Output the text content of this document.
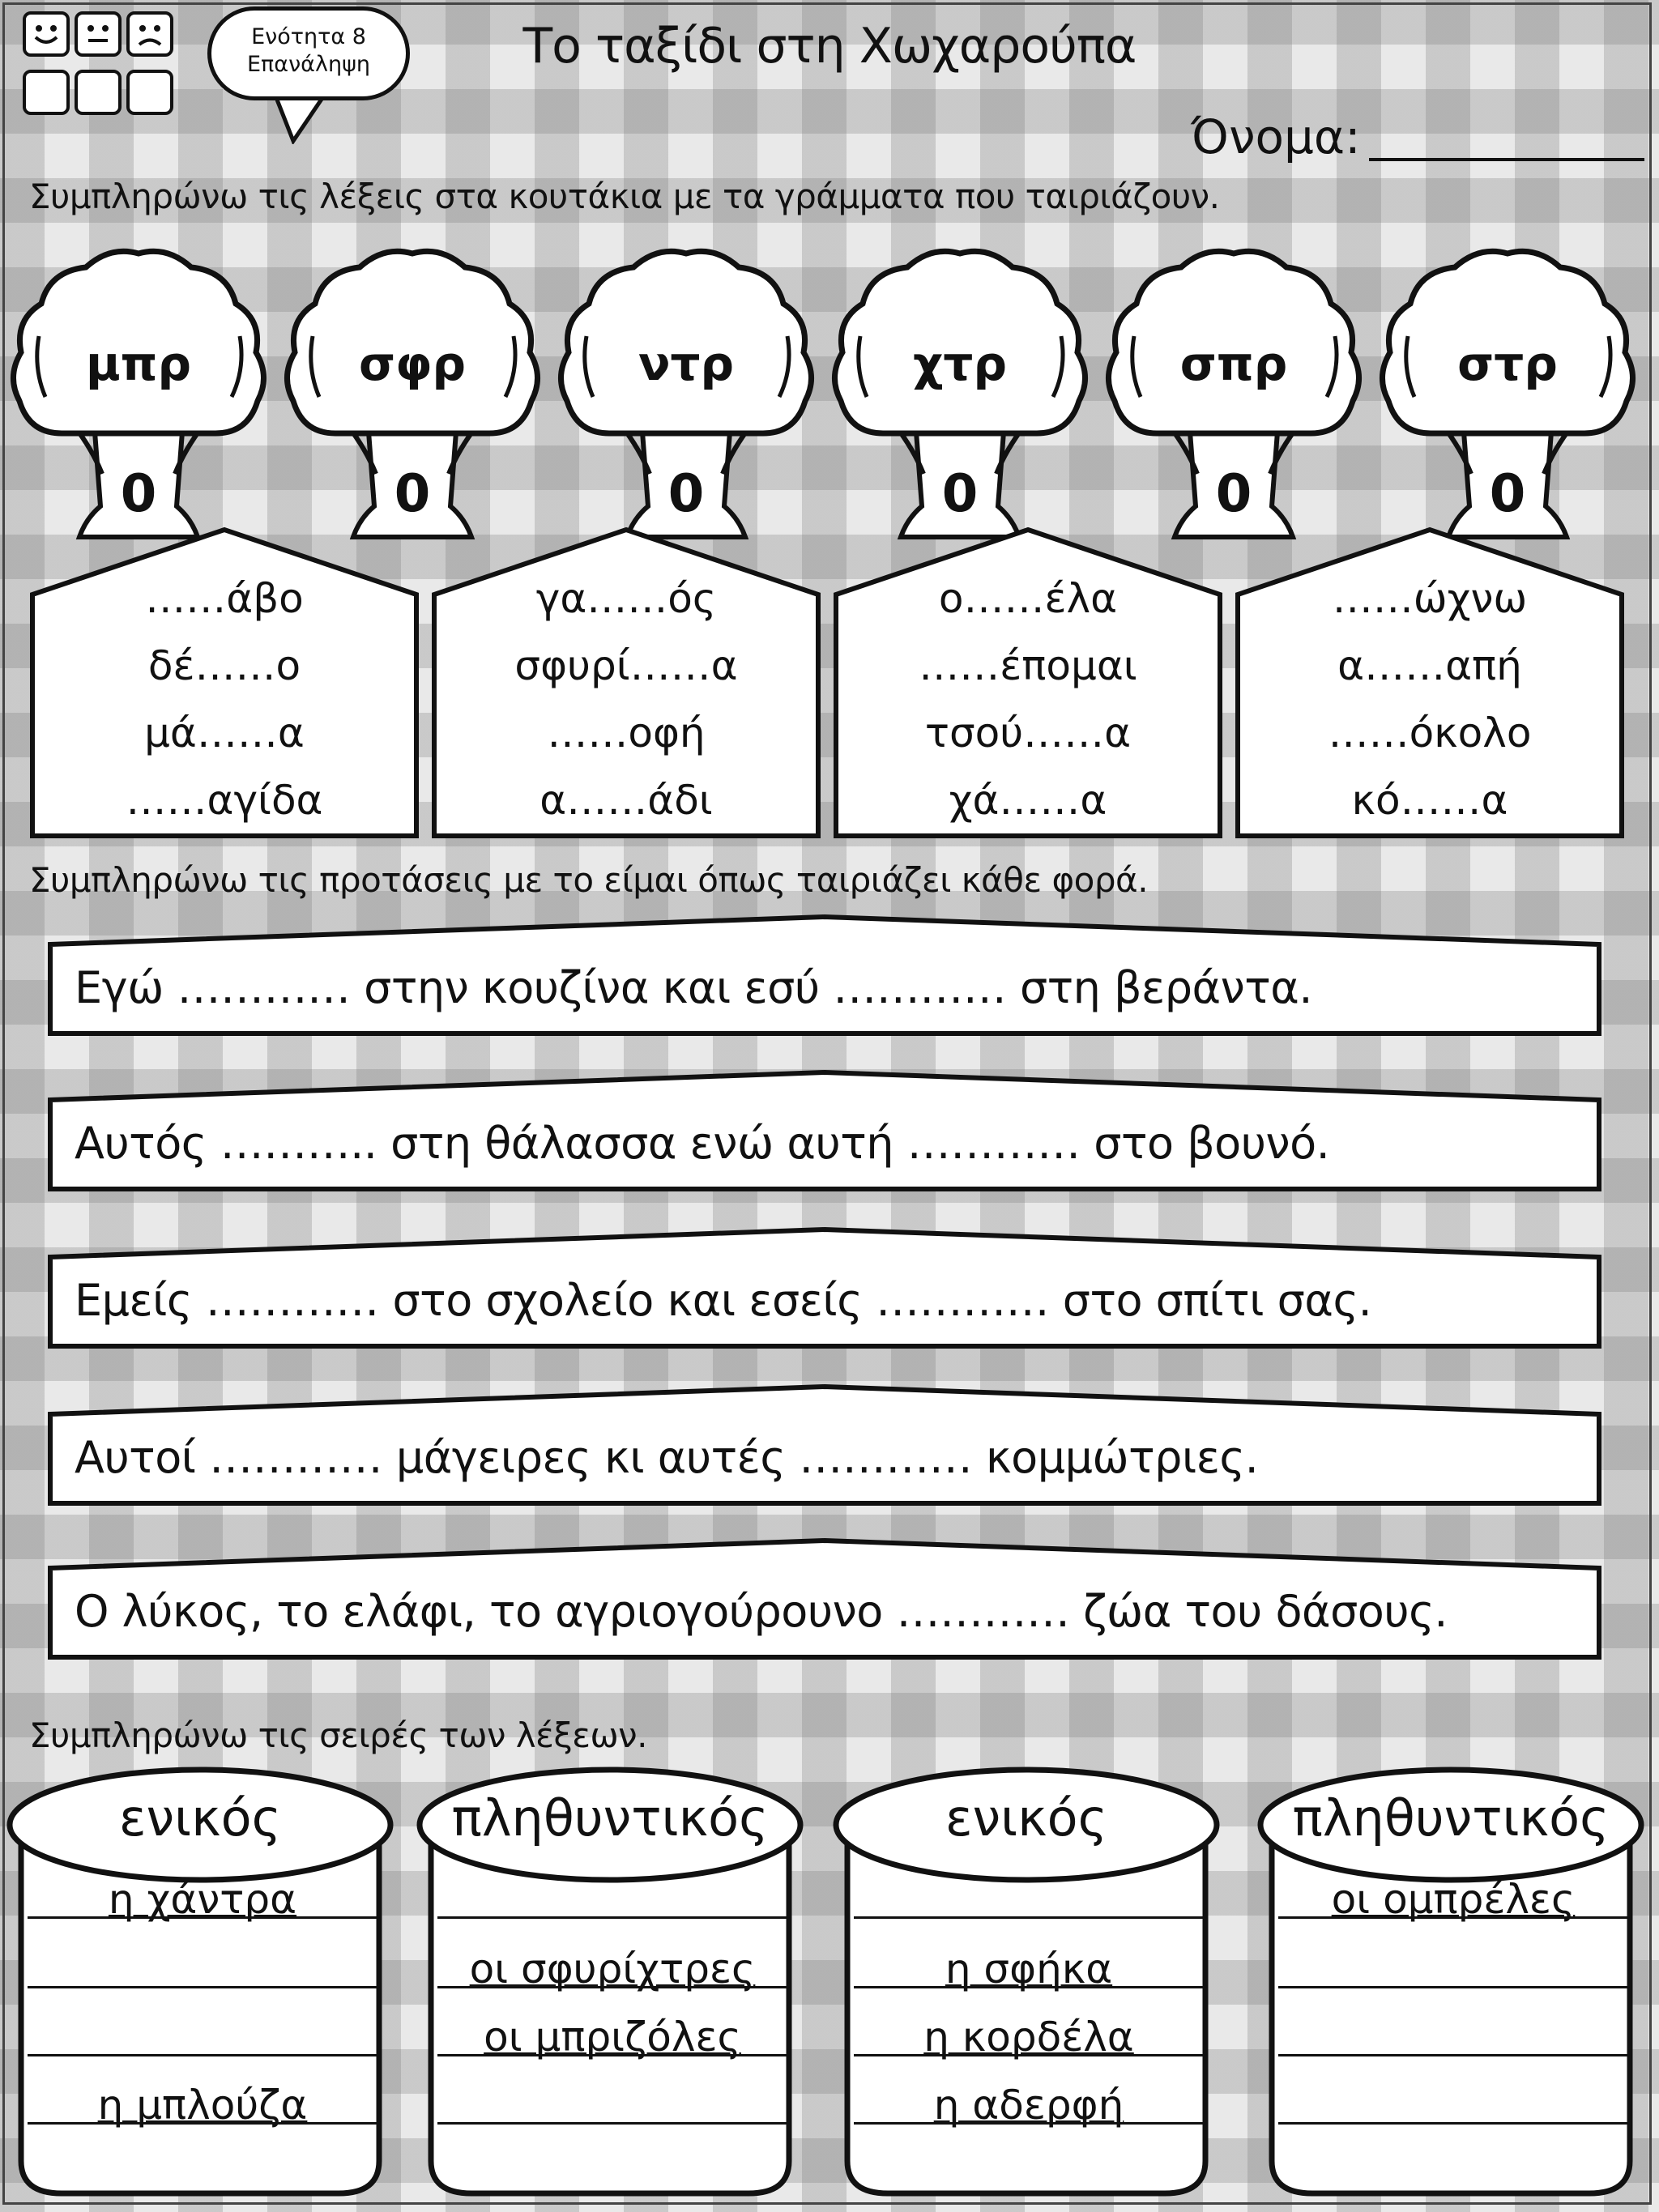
Ενότητα 8
Επανάληψη	Το ταξίδι στη Χωχαρούπα
Όνομα:
Συμπληρώνω τις λέξεις στα κουτάκια με τα γράμματα που ταιριάζουν.
μπρ
0
σφρ
0
ντρ
0
χτρ
0
σπρ
0
στρ
0
……άβο
δέ……ο
μά……α
……αγίδα
γα……ός
σφυρί……α
……οφή
α……άδι
ο……έλα
……έπομαι
τσού……α
χά……α
……ώχνω
α……απή
……όκολο
κό……α
Συμπληρώνω τις προτάσεις με το είμαι όπως ταιριάζει κάθε φορά.
Εγώ ………… στην κουζίνα και εσύ ………… στη βεράντα.
Αυτός ……….. στη θάλασσα ενώ αυτή ………… στο βουνό.
Εμείς ………… στο σχολείο και εσείς ………… στο σπίτι σας.
Αυτοί ………… μάγειρες κι αυτές ………… κομμώτριες.
Ο λύκος, το ελάφι, το αγριογούρουνο ………… ζώα του δάσους.
Συμπληρώνω τις σειρές των λέξεων.
ενικός
η χάντρα
η μπλούζα
πληθυντικός
οι σφυρίχτρες
οι μπριζόλες
ενικός
η σφήκα
η κορδέλα
η αδερφή
πληθυντικός
οι ομπρέλες
